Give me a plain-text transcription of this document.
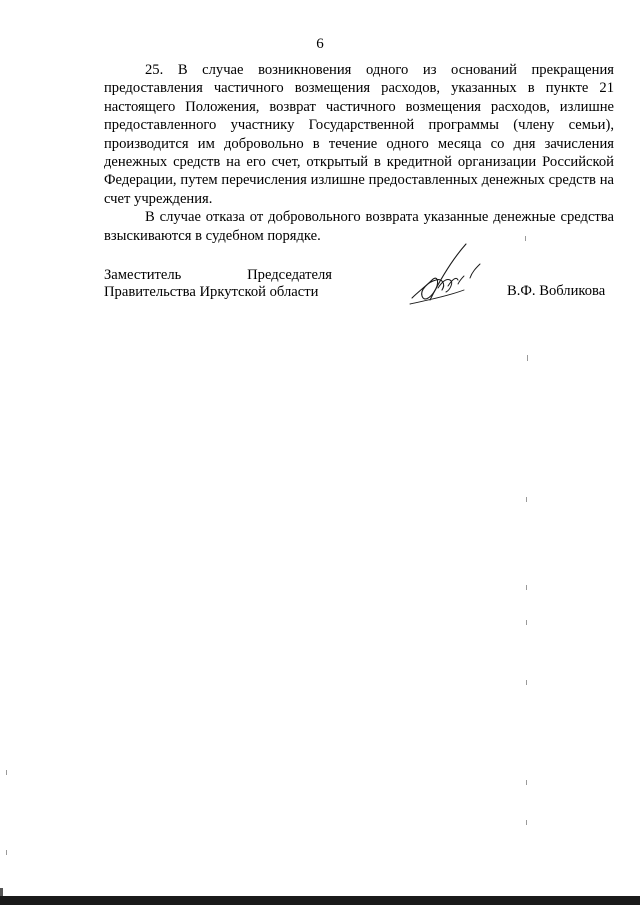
6

25. В случае возникновения одного из оснований прекращения предоставления частичного возмещения расходов, указанных в пункте 21 настоящего Положения, возврат частичного возмещения расходов, излишне предоставленного участнику Государственной программы (члену семьи), производится им добровольно в течение одного месяца со дня зачисления денежных средств на его счет, открытый в кредитной организации Российской Федерации, путем перечисления излишне предоставленных денежных средств на счет учреждения.

В случае отказа от добровольного возврата указанные денежные средства взыскиваются в судебном порядке.

Заместитель	Председателя
Правительства Иркутской области	В.Ф. Вобликова
